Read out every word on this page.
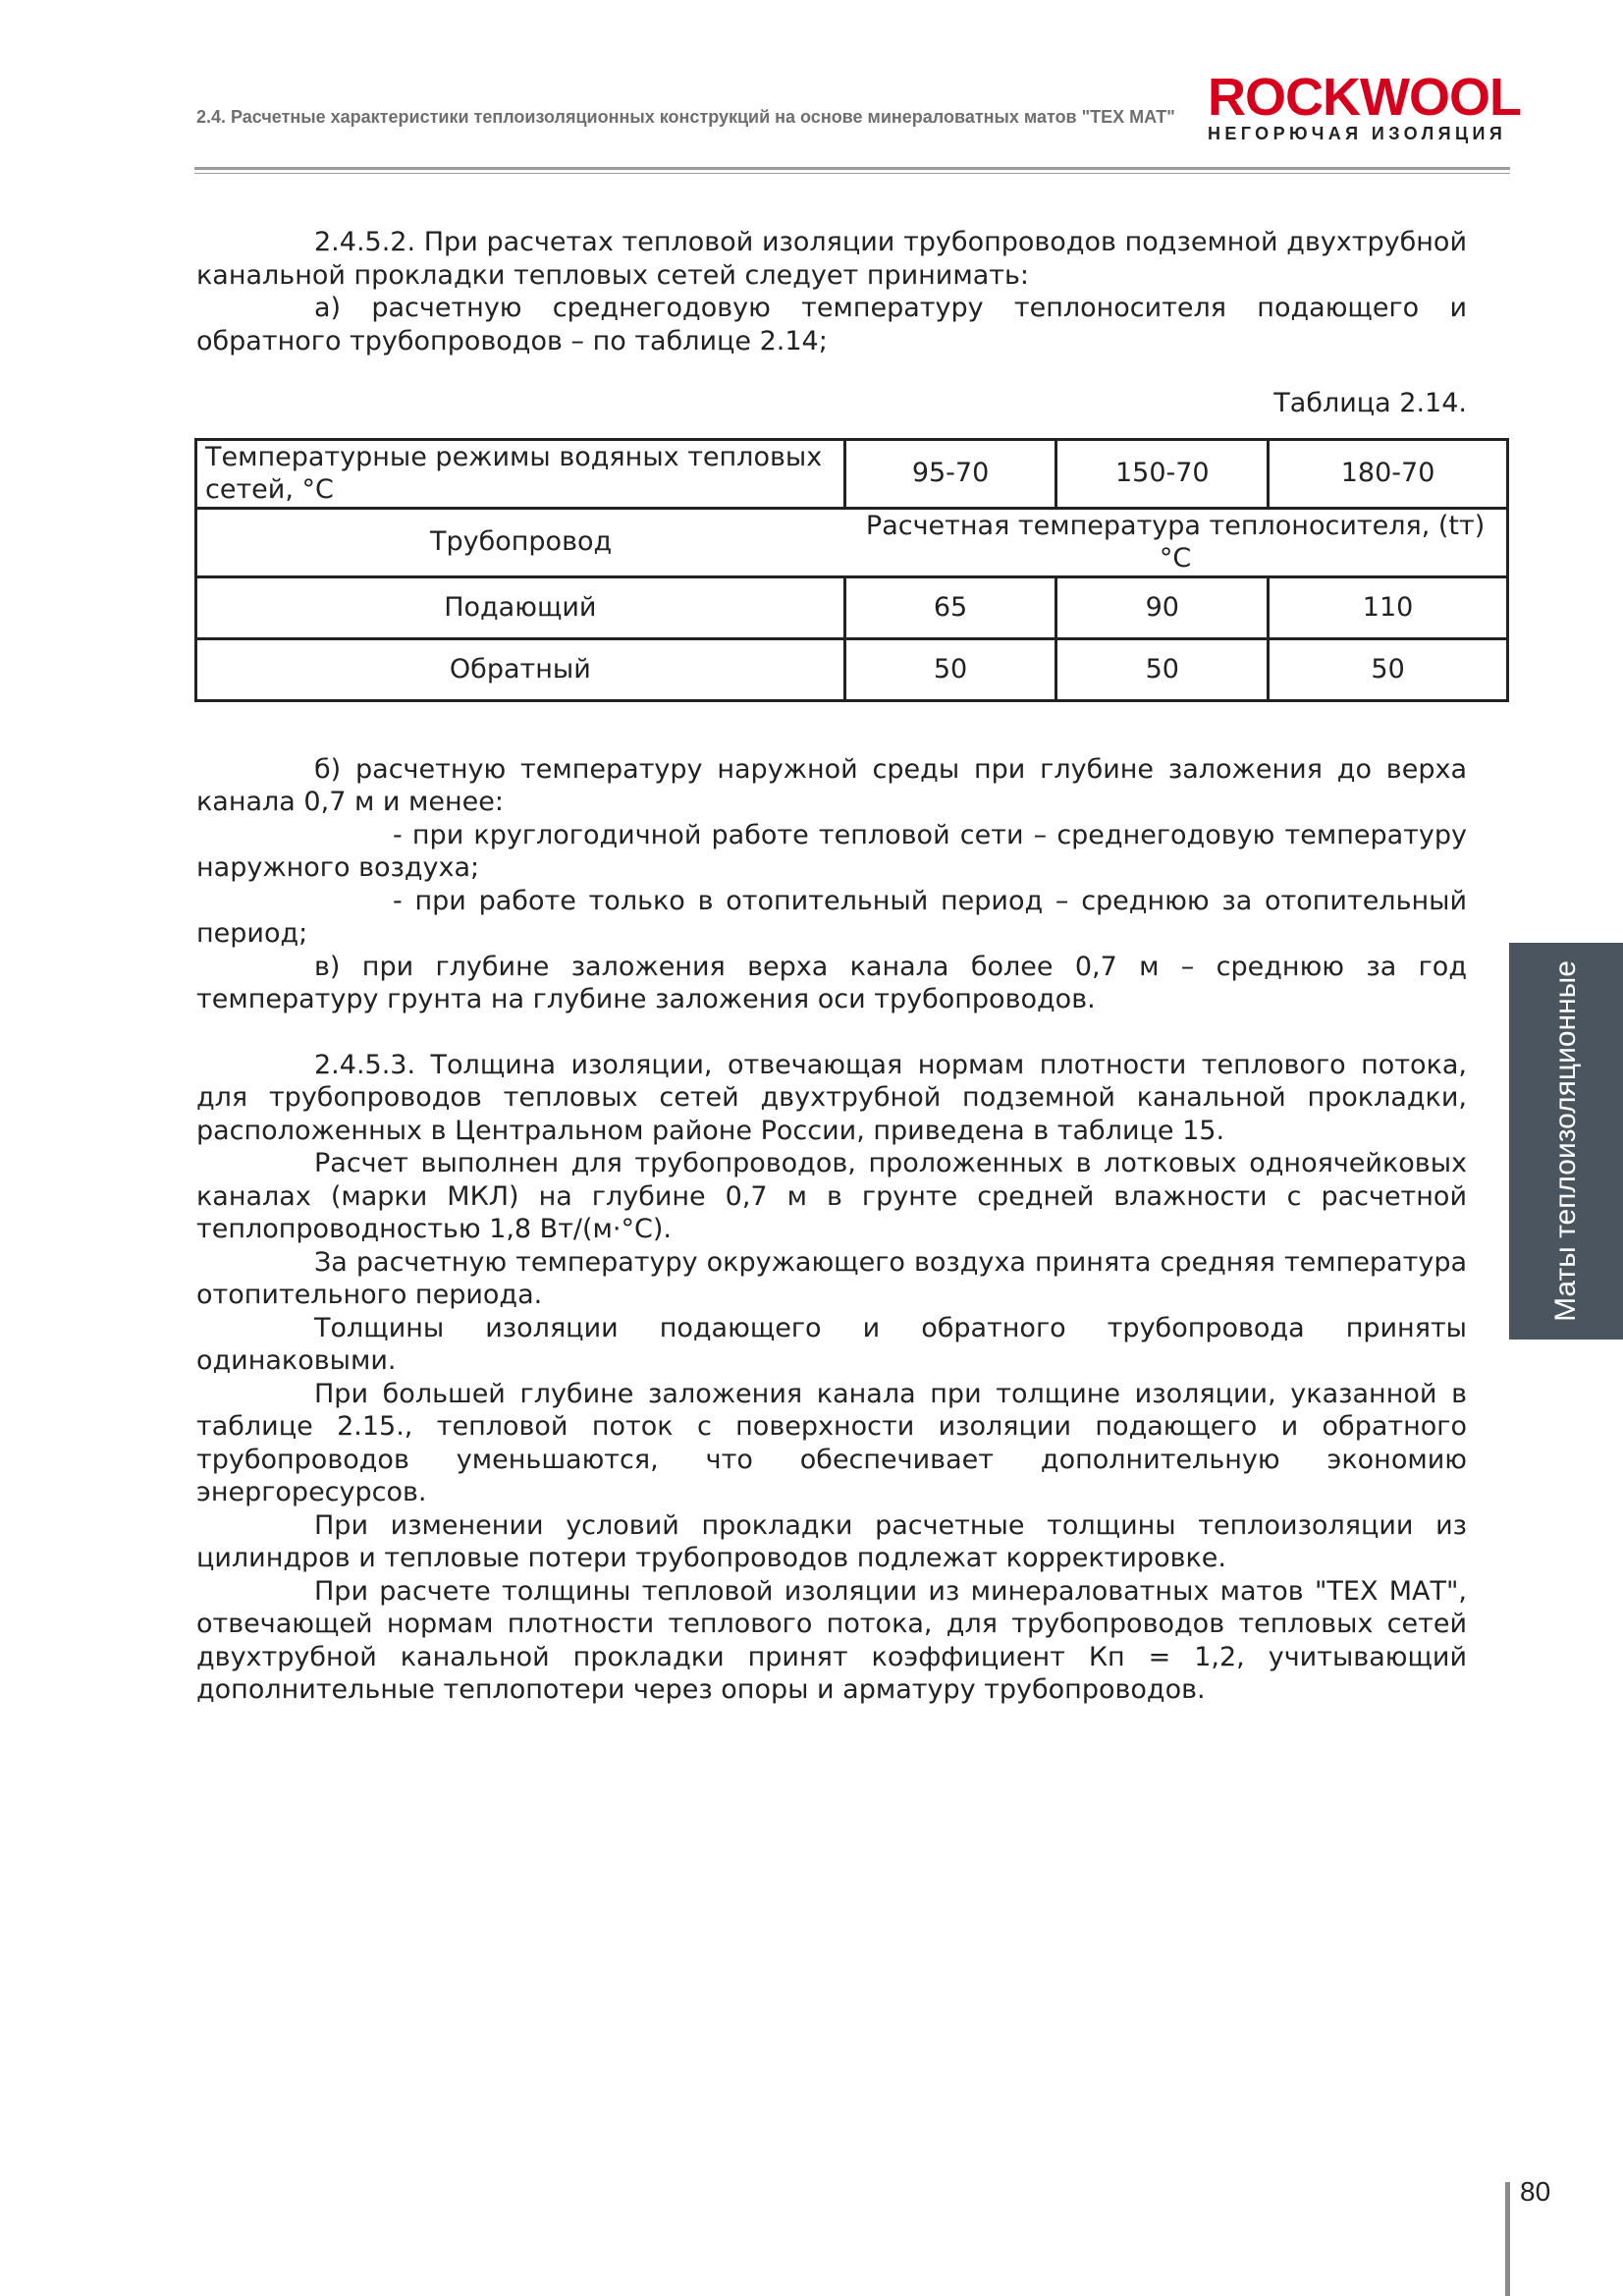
2.4. Расчетные характеристики теплоизоляционных конструкций на основе минераловатных матов "ТЕХ МАТ" ROCKWOOL
НЕГОРЮЧАЯ ИЗОЛЯЦИЯ

2.4.5.2. При расчетах тепловой изоляции трубопроводов подземной двухтрубной канальной прокладки тепловых сетей следует принимать:

а) расчетную среднегодовую температуру теплоносителя подающего и обратного трубопроводов – по таблице 2.14;

Таблица 2.14.
Температурные режимы водяных тепловых сетей, °С	95-70	150-70	180-70
Трубопровод	Расчетная температура теплоносителя, (tт) °С		
Подающий	65	90	110
Обратный	50	50	50

б) расчетную температуру наружной среды при глубине заложения до верха канала 0,7 м и менее:

- при круглогодичной работе тепловой сети – среднегодовую температуру наружного воздуха;

- при работе только в отопительный период – среднюю за отопительный период;

в) при глубине заложения верха канала более 0,7 м – среднюю за год температуру грунта на глубине заложения оси трубопроводов.

2.4.5.3. Толщина изоляции, отвечающая нормам плотности теплового потока, для трубопроводов тепловых сетей двухтрубной подземной канальной прокладки, расположенных в Центральном районе России, приведена в таблице 15.

Расчет выполнен для трубопроводов, проложенных в лотковых одноячейковых каналах (марки МКЛ) на глубине 0,7 м в грунте средней влажности с расчетной теплопроводностью 1,8 Вт/(м·°С).

За расчетную температуру окружающего воздуха принята средняя температура отопительного периода.

Толщины изоляции подающего и обратного трубопровода приняты одинаковыми.

При большей глубине заложения канала при толщине изоляции, указанной в таблице 2.15., тепловой поток с поверхности изоляции подающего и обратного трубопроводов уменьшаются, что обеспечивает дополнительную экономию энергоресурсов.

При изменении условий прокладки расчетные толщины теплоизоляции из цилиндров и тепловые потери трубопроводов подлежат корректировке.

При расчете толщины тепловой изоляции из минераловатных матов "ТЕХ МАТ", отвечающей нормам плотности теплового потока, для трубопроводов тепловых сетей двухтрубной канальной прокладки принят коэффициент Кп = 1,2, учитывающий дополнительные теплопотери через опоры и арматуру трубопроводов.

Маты теплоизоляционные
80
